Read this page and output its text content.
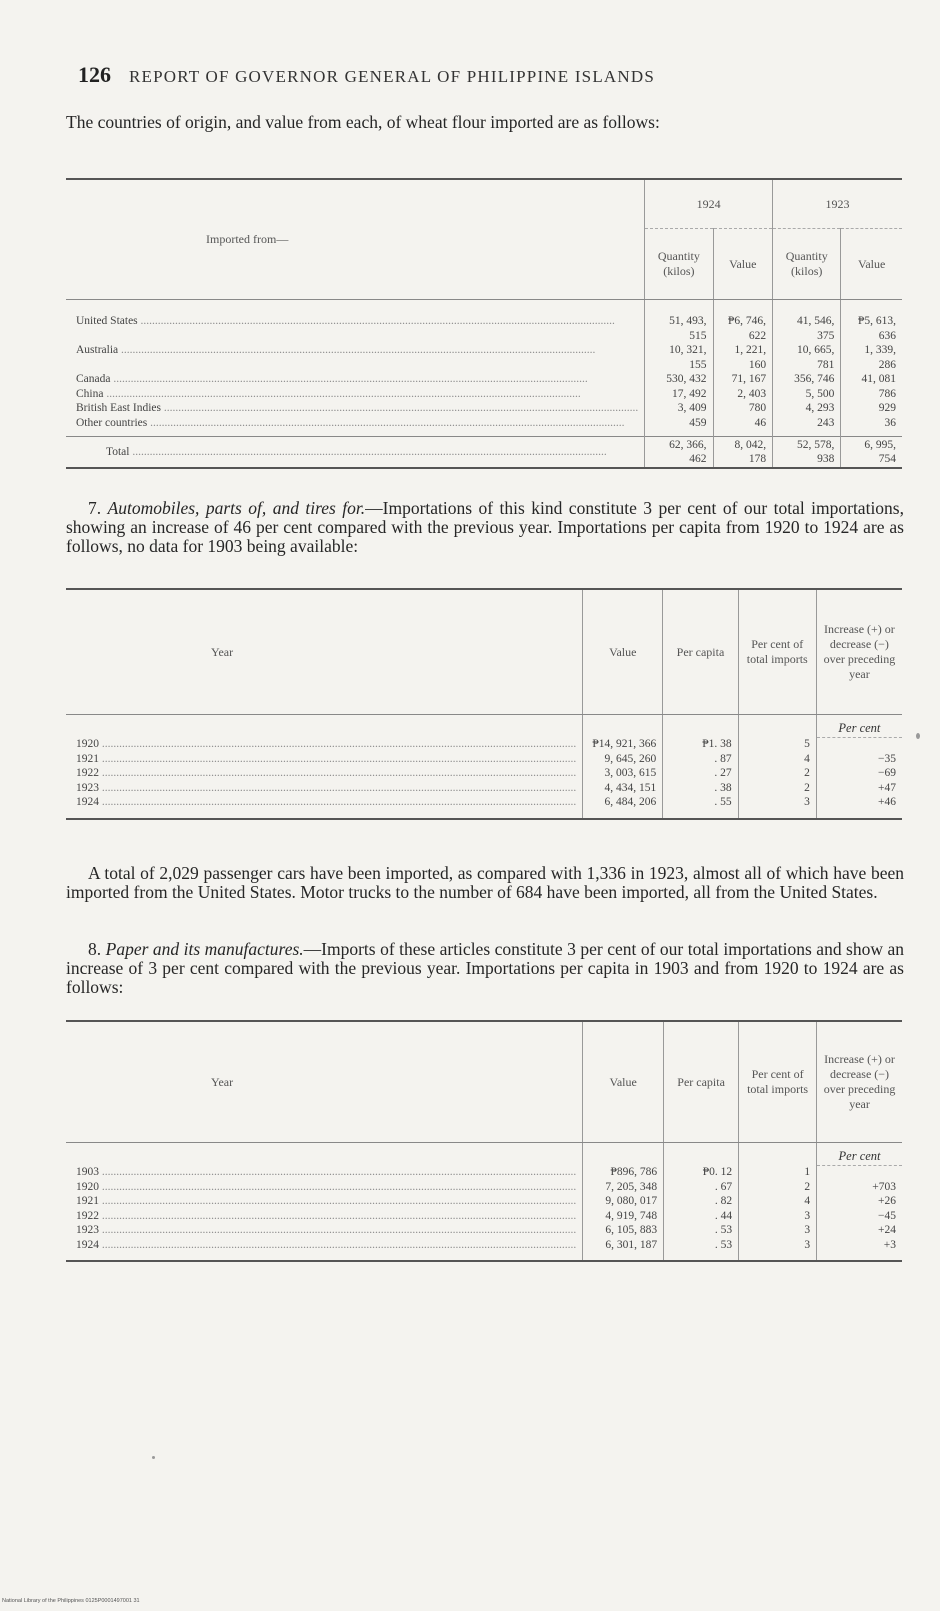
126 REPORT OF GOVERNOR GENERAL OF PHILIPPINE ISLANDS
The countries of origin, and value from each, of wheat flour imported are as follows:
Imported from—	1924		1923	
	Quantity (kilos)	Value	Quantity (kilos)	Value

United States .....	51, 493, 515	₱6, 746, 622	41, 546, 375	₱5, 613, 636
Australia .....	10, 321, 155	1, 221, 160	10, 665, 781	1, 339, 286
Canada .....	530, 432	71, 167	356, 746	41, 081
China .....	17, 492	2, 403	5, 500	786
British East Indies .....	3, 409	780	4, 293	929
Other countries .....	459	46	243	36
Total .....	62, 366, 462	8, 042, 178	52, 578, 938	6, 995, 754
7. Automobiles, parts of, and tires for.—Importations of this kind constitute 3 per cent of our total importations, showing an increase of 46 per cent compared with the previous year. Importations per capita from 1920 to 1924 are as follows, no data for 1903 being available:
Year	Value	Per capita	Per cent of total imports	Increase (+) or decrease (−) over preceding year
				Per cent
1920 .....	₱14, 921, 366	₱1. 38	5	
1921 .....	9, 645, 260	. 87	4	−35
1922 .....	3, 003, 615	. 27	2	−69
1923 .....	4, 434, 151	. 38	2	+47
1924 .....	6, 484, 206	. 55	3	+46
A total of 2,029 passenger cars have been imported, as compared with 1,336 in 1923, almost all of which have been imported from the United States. Motor trucks to the number of 684 have been imported, all from the United States.
8. Paper and its manufactures.—Imports of these articles constitute 3 per cent of our total importations and show an increase of 3 per cent compared with the previous year. Importations per capita in 1903 and from 1920 to 1924 are as follows:
Year	Value	Per capita	Per cent of total imports	Increase (+) or decrease (−) over preceding year
				Per cent
1903 .....	₱896, 786	₱0. 12	1	
1920 .....	7, 205, 348	. 67	2	+703
1921 .....	9, 080, 017	. 82	4	+26
1922 .....	4, 919, 748	. 44	3	−45
1923 .....	6, 105, 883	. 53	3	+24
1924 .....	6, 301, 187	. 53	3	+3
National Library of the Philippines 0125P0001497001 31
